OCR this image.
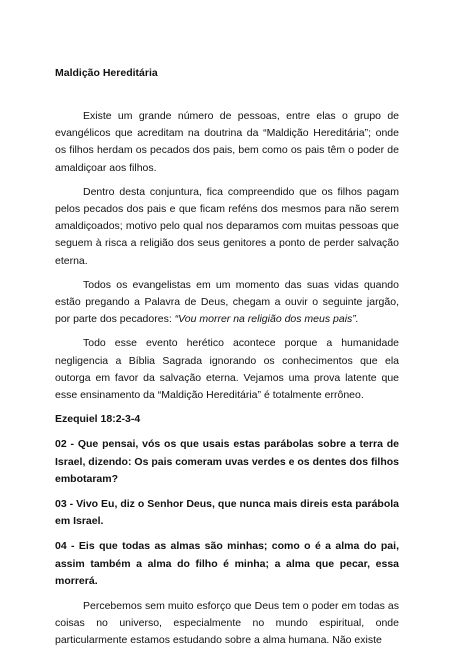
Maldição Hereditária

Existe um grande número de pessoas, entre elas o grupo de evangélicos que acreditam na doutrina da “Maldição Hereditária”; onde os filhos herdam os pecados dos pais, bem como os pais têm o poder de amaldiçoar aos filhos.

Dentro desta conjuntura, fica compreendido que os filhos pagam pelos pecados dos pais e que ficam reféns dos mesmos para não serem amaldiçoados; motivo pelo qual nos deparamos com muitas pessoas que seguem à risca a religião dos seus genitores a ponto de perder salvação eterna.

Todos os evangelistas em um momento das suas vidas quando estão pregando a Palavra de Deus, chegam a ouvir o seguinte jargão, por parte dos pecadores: “Vou morrer na religião dos meus pais”.

Todo esse evento herético acontece porque a humanidade negligencia a Bíblia Sagrada ignorando os conhecimentos que ela outorga em favor da salvação eterna. Vejamos uma prova latente que esse ensinamento da “Maldição Hereditária” é totalmente errôneo.

Ezequiel 18:2-3-4

02 - Que pensai, vós os que usais estas parábolas sobre a terra de Israel, dizendo: Os pais comeram uvas verdes e os dentes dos filhos embotaram?

03 - Vivo Eu, diz o Senhor Deus, que nunca mais direis esta parábola em Israel.

04 - Eis que todas as almas são minhas; como o é a alma do pai, assim também a alma do filho é minha; a alma que pecar, essa morrerá.

Percebemos sem muito esforço que Deus tem o poder em todas as coisas no universo, especialmente no mundo espiritual, onde particularmente estamos estudando sobre a alma humana. Não existe
